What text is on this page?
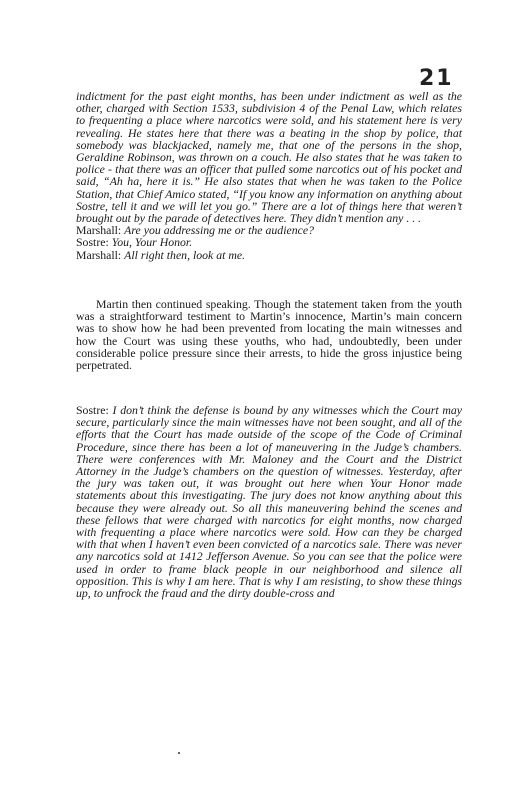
21
indictment for the past eight months, has been under indictment as well as the other, charged with Section 1533, subdivision 4 of the Penal Law, which relates to frequenting a place where narcotics were sold, and his statement here is very revealing. He states here that there was a beating in the shop by police, that somebody was blackjacked, namely me, that one of the persons in the shop, Geraldine Robinson, was thrown on a couch. He also states that he was taken to police - that there was an officer that pulled some narcotics out of his pocket and said, “Ah ha, here it is.” He also states that when he was taken to the Police Station, that Chief Amico stated, “If you know any information on anything about Sostre, tell it and we will let you go.” There are a lot of things here that weren’t brought out by the parade of detectives here. They didn’t mention any . . .
Marshall: Are you addressing me or the audience?
Sostre: You, Your Honor.
Marshall: All right then, look at me.
Martin then continued speaking. Though the statement taken from the youth was a straightforward testiment to Martin’s innocence, Martin’s main concern was to show how he had been prevented from locating the main witnesses and how the Court was using these youths, who had, undoubtedly, been under considerable police pressure since their arrests, to hide the gross injustice being perpetrated.
Sostre: I don’t think the defense is bound by any witnesses which the Court may secure, particularly since the main witnesses have not been sought, and all of the efforts that the Court has made outside of the scope of the Code of Criminal Procedure, since there has been a lot of maneuvering in the Judge’s chambers. There were conferences with Mr. Maloney and the Court and the District Attorney in the Judge’s chambers on the question of witnesses. Yesterday, after the jury was taken out, it was brought out here when Your Honor made statements about this investigating. The jury does not know anything about this because they were already out. So all this maneuvering behind the scenes and these fellows that were charged with narcotics for eight months, now charged with frequenting a place where narcotics were sold. How can they be charged with that when I haven’t even been convicted of a narcotics sale. There was never any narcotics sold at 1412 Jefferson Avenue. So you can see that the police were used in order to frame black people in our neighborhood and silence all opposition. This is why I am here. That is why I am resisting, to show these things up, to unfrock the fraud and the dirty double-cross and
